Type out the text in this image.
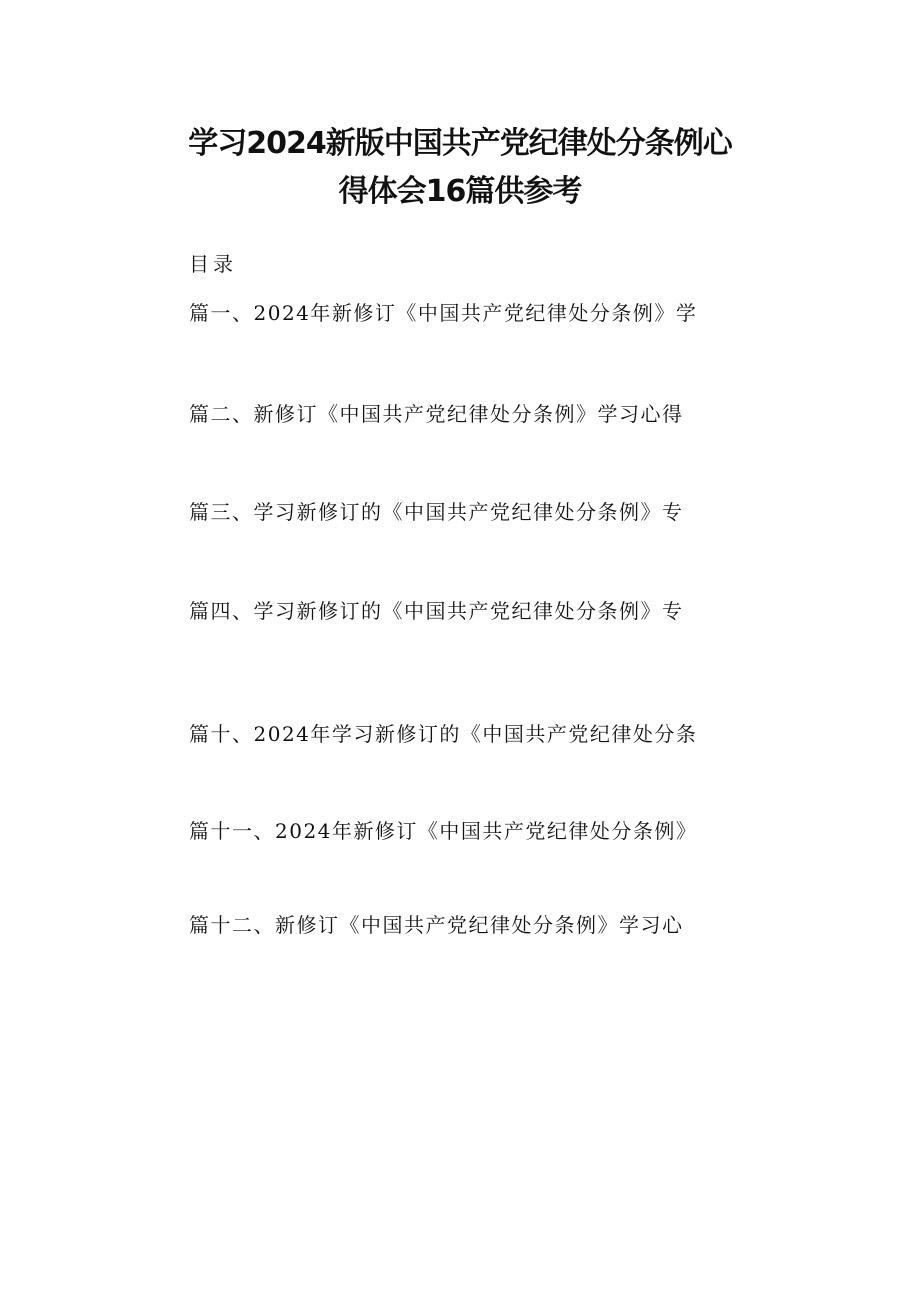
学习2024新版中国共产党纪律处分条例心
得体会16篇供参考
目录
篇一、2024年新修订《中国共产党纪律处分条例》学
篇二、新修订《中国共产党纪律处分条例》学习心得
篇三、学习新修订的《中国共产党纪律处分条例》专
篇四、学习新修订的《中国共产党纪律处分条例》专
篇十、2024年学习新修订的《中国共产党纪律处分条
篇十一、2024年新修订《中国共产党纪律处分条例》
篇十二、新修订《中国共产党纪律处分条例》学习心
